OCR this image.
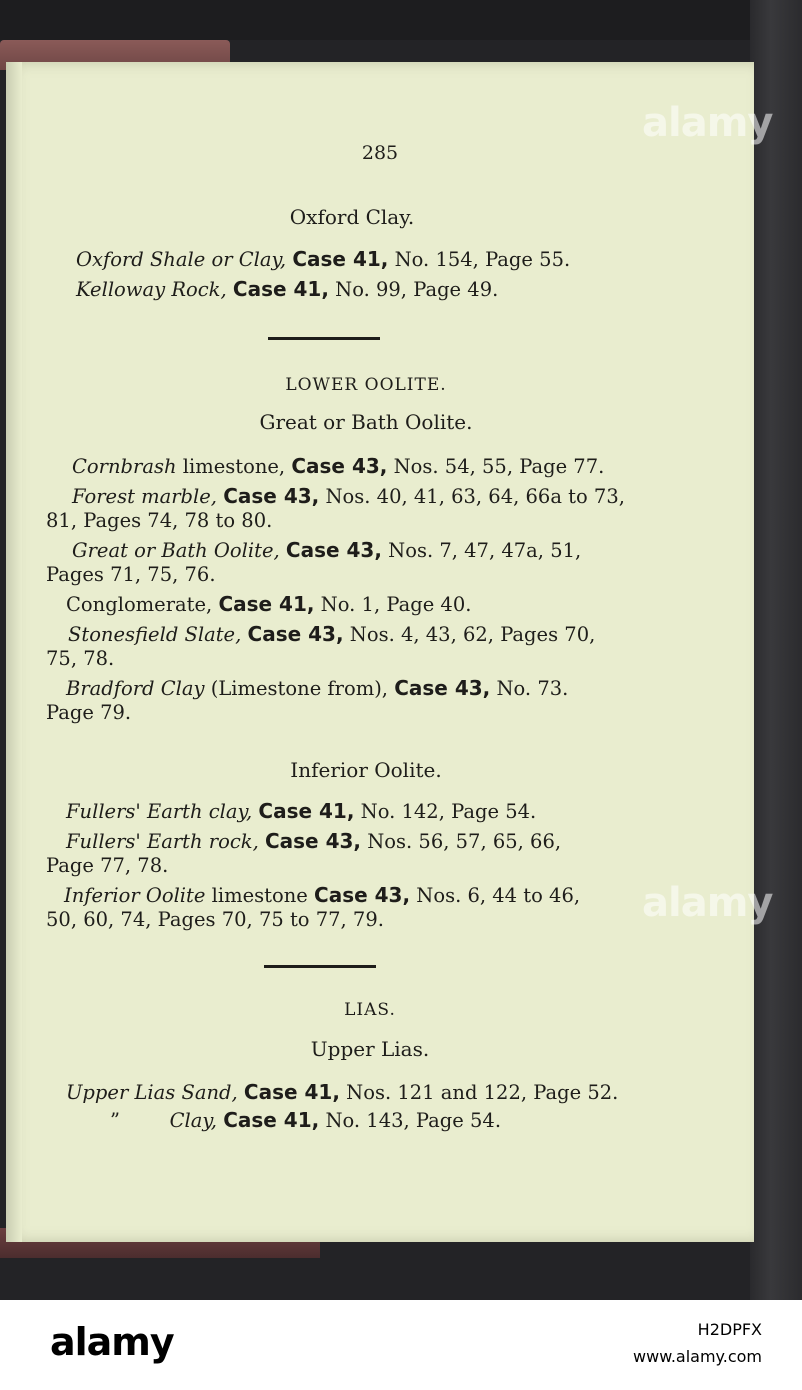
285
Oxford Clay.
Oxford Shale or Clay, Case 41, No. 154, Page 55.
Kelloway Rock, Case 41, No. 99, Page 49.
LOWER OOLITE.
Great or Bath Oolite.
Cornbrash limestone, Case 43, Nos. 54, 55, Page 77.
Forest marble, Case 43, Nos. 40, 41, 63, 64, 66a to 73,
81, Pages 74, 78 to 80.
Great or Bath Oolite, Case 43, Nos. 7, 47, 47a, 51,
Pages 71, 75, 76.
Conglomerate, Case 41, No. 1, Page 40.
Stonesfield Slate, Case 43, Nos. 4, 43, 62, Pages 70,
75, 78.
Bradford Clay (Limestone from), Case 43, No. 73.
Page 79.
Inferior Oolite.
Fullers' Earth clay, Case 41, No. 142, Page 54.
Fullers' Earth rock, Case 43, Nos. 56, 57, 65, 66,
Page 77, 78.
Inferior Oolite limestone Case 43, Nos. 6, 44 to 46,
50, 60, 74, Pages 70, 75 to 77, 79.
LIAS.
Upper Lias.
Upper Lias Sand, Case 41, Nos. 121 and 122, Page 52.
”	Clay, Case 41, No. 143, Page 54.
alamy
alamy
alamy	H2DPFX
www.alamy.com
